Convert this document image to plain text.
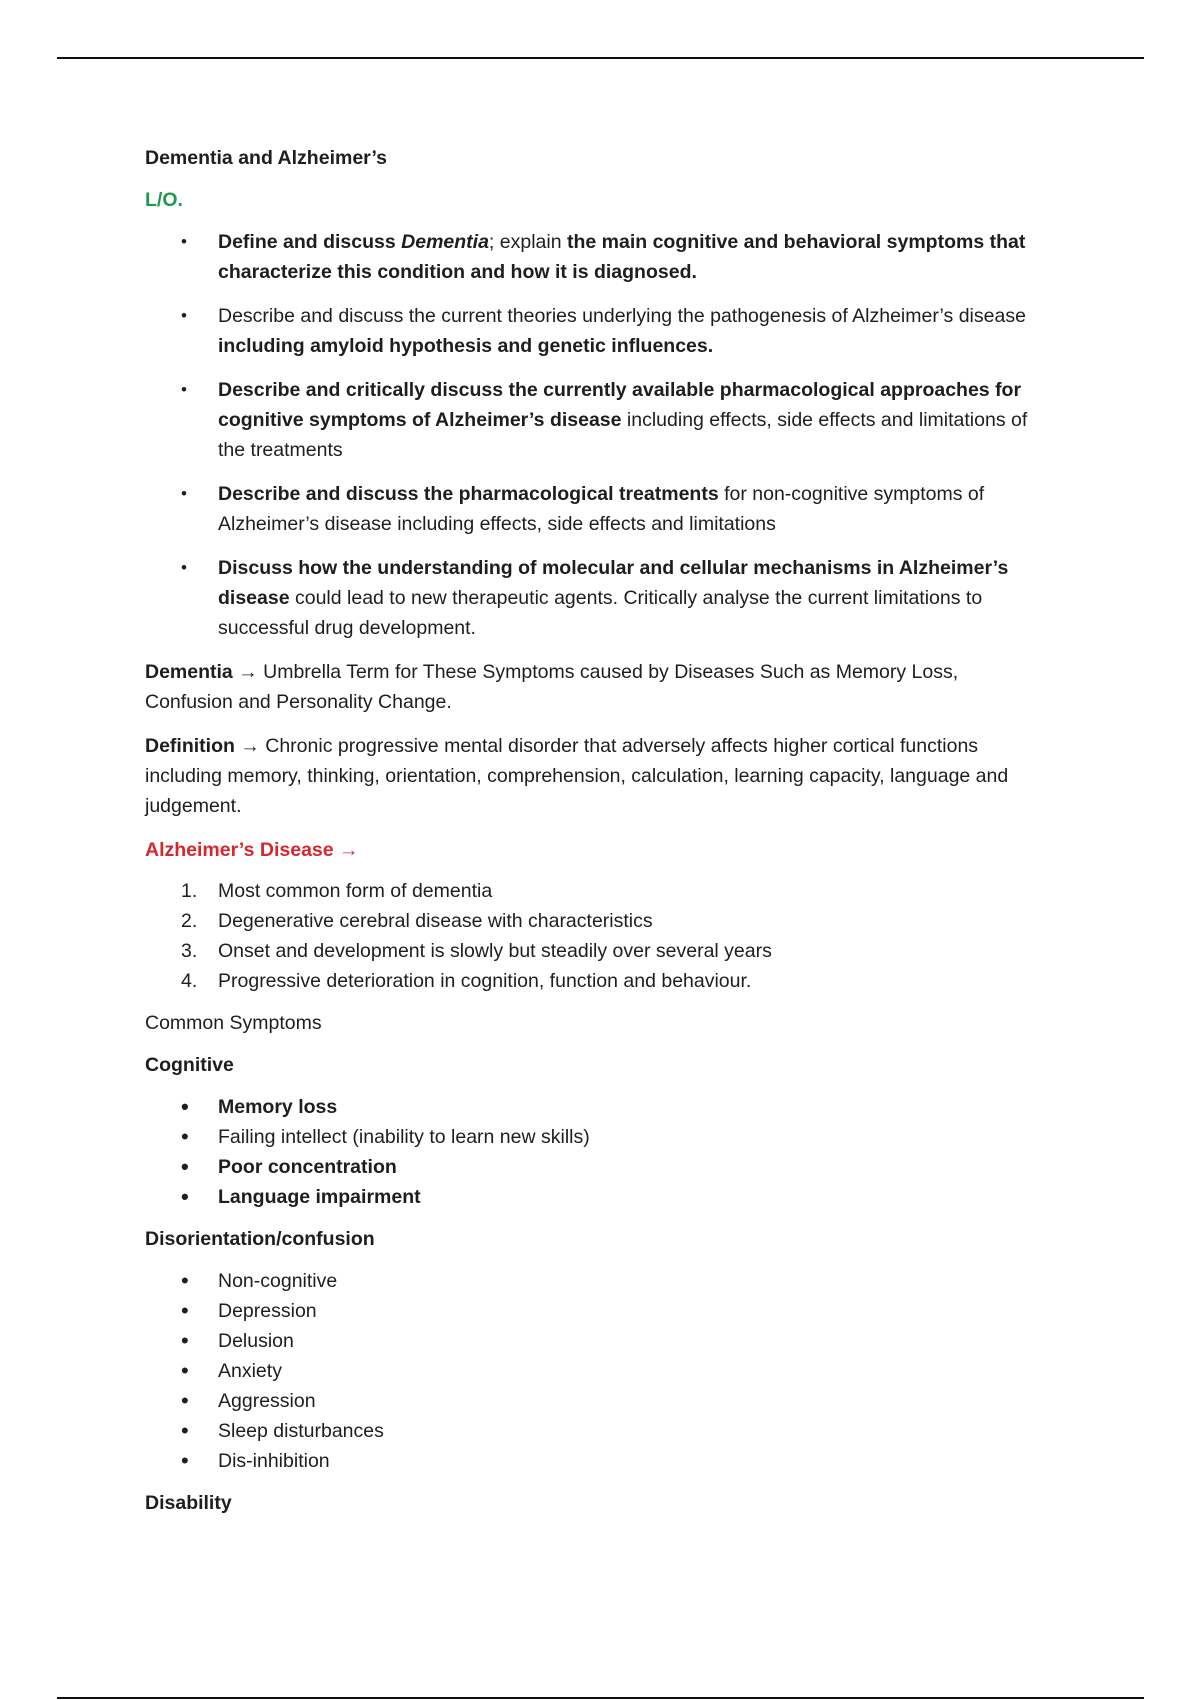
Dementia and Alzheimer’s

L/O.

• Define and discuss Dementia; explain the main cognitive and behavioral symptoms that characterize this condition and how it is diagnosed.
• Describe and discuss the current theories underlying the pathogenesis of Alzheimer’s disease including amyloid hypothesis and genetic influences.
• Describe and critically discuss the currently available pharmacological approaches for cognitive symptoms of Alzheimer’s disease including effects, side effects and limitations of the treatments
• Describe and discuss the pharmacological treatments for non-cognitive symptoms of Alzheimer’s disease including effects, side effects and limitations
• Discuss how the understanding of molecular and cellular mechanisms in Alzheimer’s disease could lead to new therapeutic agents. Critically analyse the current limitations to successful drug development.

Dementia → Umbrella Term for These Symptoms caused by Diseases Such as Memory Loss, Confusion and Personality Change.

Definition → Chronic progressive mental disorder that adversely affects higher cortical functions including memory, thinking, orientation, comprehension, calculation, learning capacity, language and judgement.

Alzheimer’s Disease →

1. Most common form of dementia
2. Degenerative cerebral disease with characteristics
3. Onset and development is slowly but steadily over several years
4. Progressive deterioration in cognition, function and behaviour.

Common Symptoms

Cognitive

• Memory loss
• Failing intellect (inability to learn new skills)
• Poor concentration
• Language impairment

Disorientation/confusion

• Non-cognitive
• Depression
• Delusion
• Anxiety
• Aggression
• Sleep disturbances
• Dis-inhibition

Disability
